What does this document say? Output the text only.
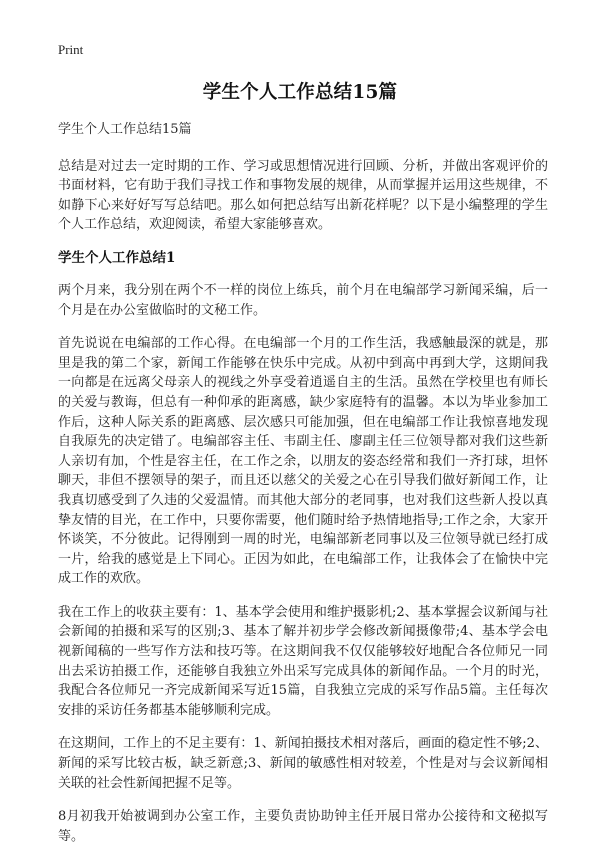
Print
学生个人工作总结15篇

学生个人工作总结15篇

总结是对过去一定时期的工作、学习或思想情况进行回顾、分析，并做出客观评价的书面材料，它有助于我们寻找工作和事物发展的规律，从而掌握并运用这些规律，不如静下心来好好写写总结吧。那么如何把总结写出新花样呢？以下是小编整理的学生个人工作总结，欢迎阅读，希望大家能够喜欢。

学生个人工作总结1

两个月来，我分别在两个不一样的岗位上练兵，前个月在电编部学习新闻采编，后一个月是在办公室做临时的文秘工作。

首先说说在电编部的工作心得。在电编部一个月的工作生活，我感触最深的就是，那里是我的第二个家，新闻工作能够在快乐中完成。从初中到高中再到大学，这期间我一向都是在远离父母亲人的视线之外享受着逍遥自主的生活。虽然在学校里也有师长的关爱与教诲，但总有一种仰承的距离感，缺少家庭特有的温馨。本以为毕业参加工作后，这种人际关系的距离感、层次感只可能加强，但在电编部工作让我惊喜地发现自我原先的决定错了。电编部容主任、韦副主任、廖副主任三位领导都对我们这些新人亲切有加，个性是容主任，在工作之余，以朋友的姿态经常和我们一齐打球，坦怀聊天，非但不摆领导的架子，而且还以慈父的关爱之心在引导我们做好新闻工作，让我真切感受到了久违的父爱温情。而其他大部分的老同事，也对我们这些新人投以真挚友情的目光，在工作中，只要你需要，他们随时给予热情地指导;工作之余，大家开怀谈笑，不分彼此。记得刚到一周的时光，电编部新老同事以及三位领导就已经打成一片，给我的感觉是上下同心。正因为如此，在电编部工作，让我体会了在愉快中完成工作的欢欣。

我在工作上的收获主要有：1、基本学会使用和维护摄影机;2、基本掌握会议新闻与社会新闻的拍摄和采写的区别;3、基本了解并初步学会修改新闻摄像带;4、基本学会电视新闻稿的一些写作方法和技巧等。在这期间我不仅仅能够较好地配合各位师兄一同出去采访拍摄工作，还能够自我独立外出采写完成具体的新闻作品。一个月的时光，我配合各位师兄一齐完成新闻采写近15篇，自我独立完成的采写作品5篇。主任每次安排的采访任务都基本能够顺利完成。

在这期间，工作上的不足主要有：1、新闻拍摄技术相对落后，画面的稳定性不够;2、新闻的采写比较古板，缺乏新意;3、新闻的敏感性相对较差，个性是对与会议新闻相关联的社会性新闻把握不足等。

8月初我开始被调到办公室工作，主要负责协助钟主任开展日常办公接待和文秘拟写等。
